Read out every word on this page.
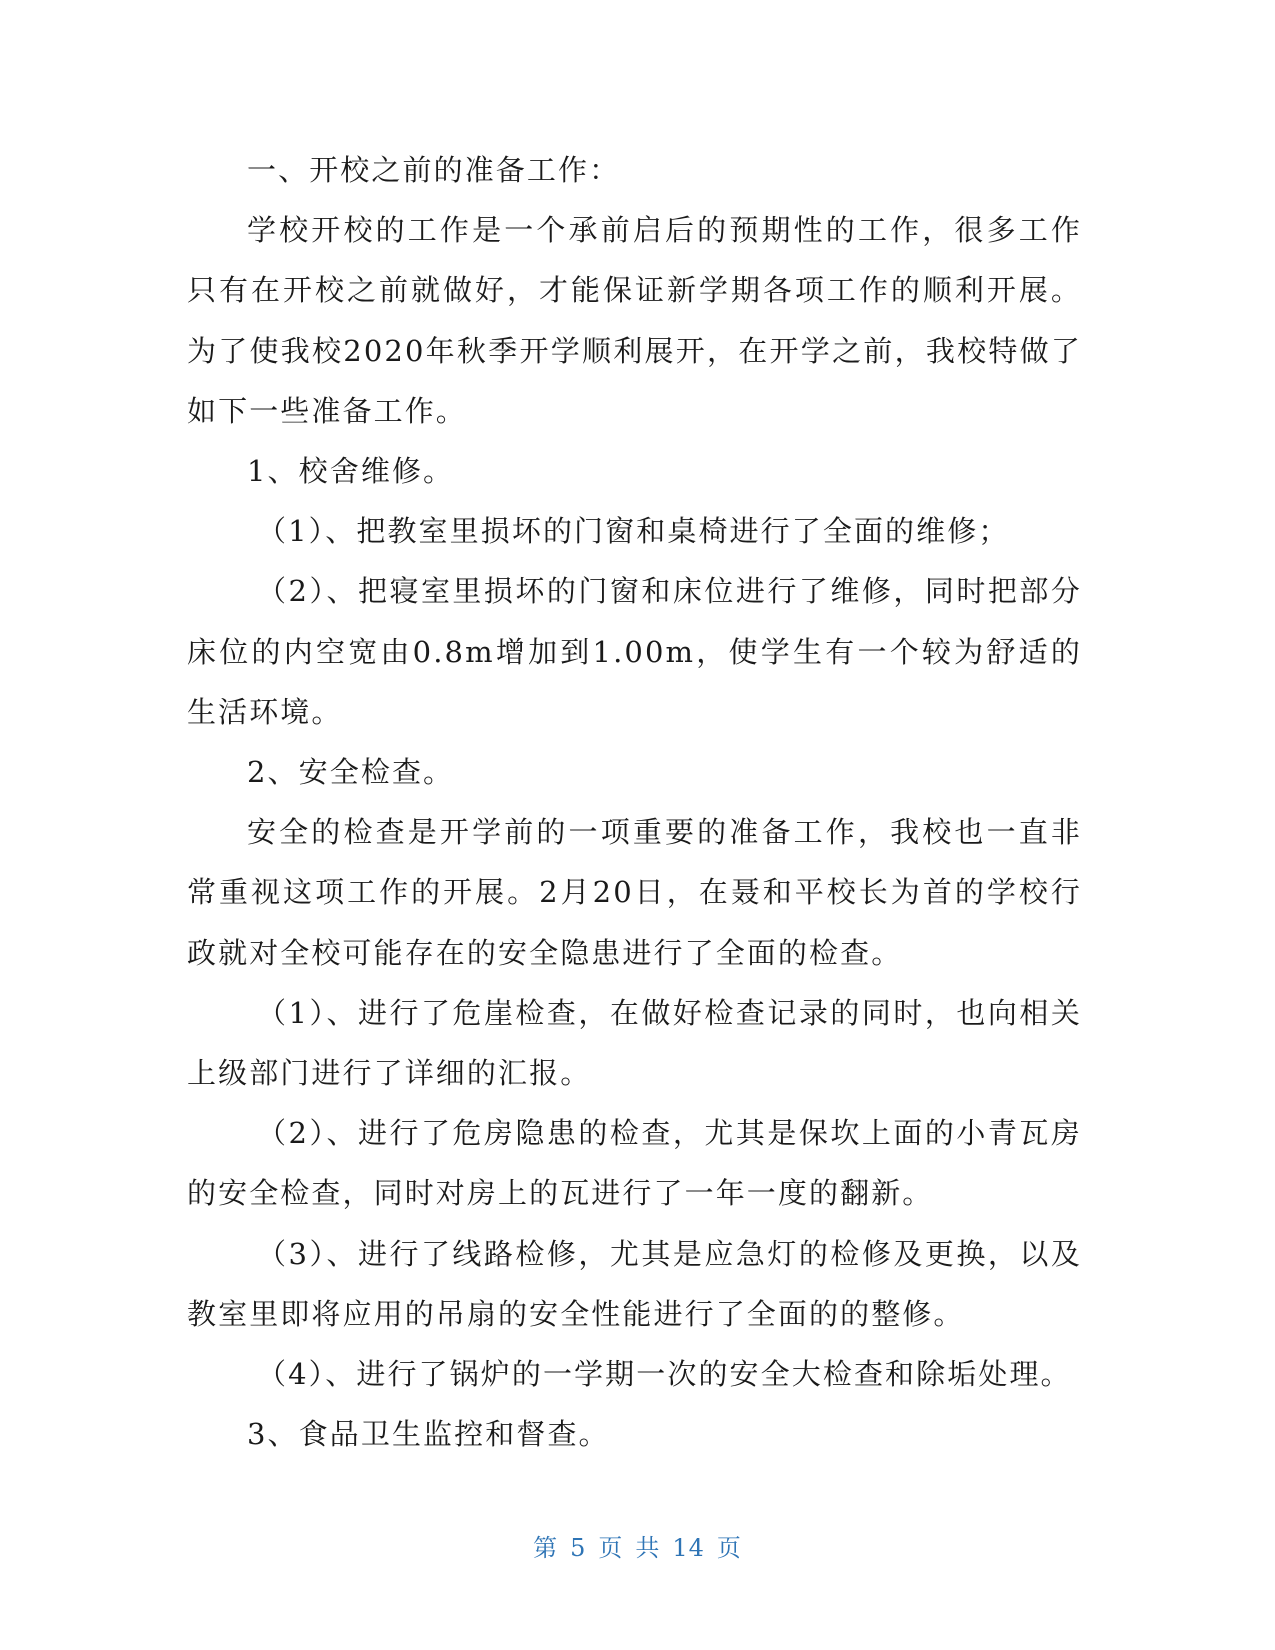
一、开校之前的准备工作：

学校开校的工作是一个承前启后的预期性的工作，很多工作只有在开校之前就做好，才能保证新学期各项工作的顺利开展。为了使我校2020年秋季开学顺利展开，在开学之前，我校特做了如下一些准备工作。

1、校舍维修。

（1）、把教室里损坏的门窗和桌椅进行了全面的维修；

（2）、把寝室里损坏的门窗和床位进行了维修，同时把部分床位的内空宽由0.8m增加到1.00m，使学生有一个较为舒适的生活环境。

2、安全检查。

安全的检查是开学前的一项重要的准备工作，我校也一直非常重视这项工作的开展。2月20日，在聂和平校长为首的学校行政就对全校可能存在的安全隐患进行了全面的检查。

（1）、进行了危崖检查，在做好检查记录的同时，也向相关上级部门进行了详细的汇报。

（2）、进行了危房隐患的检查，尤其是保坎上面的小青瓦房的安全检查，同时对房上的瓦进行了一年一度的翻新。

（3）、进行了线路检修，尤其是应急灯的检修及更换，以及教室里即将应用的吊扇的安全性能进行了全面的的整修。

（4）、进行了锅炉的一学期一次的安全大检查和除垢处理。

3、食品卫生监控和督查。

第 5 页 共 14 页
